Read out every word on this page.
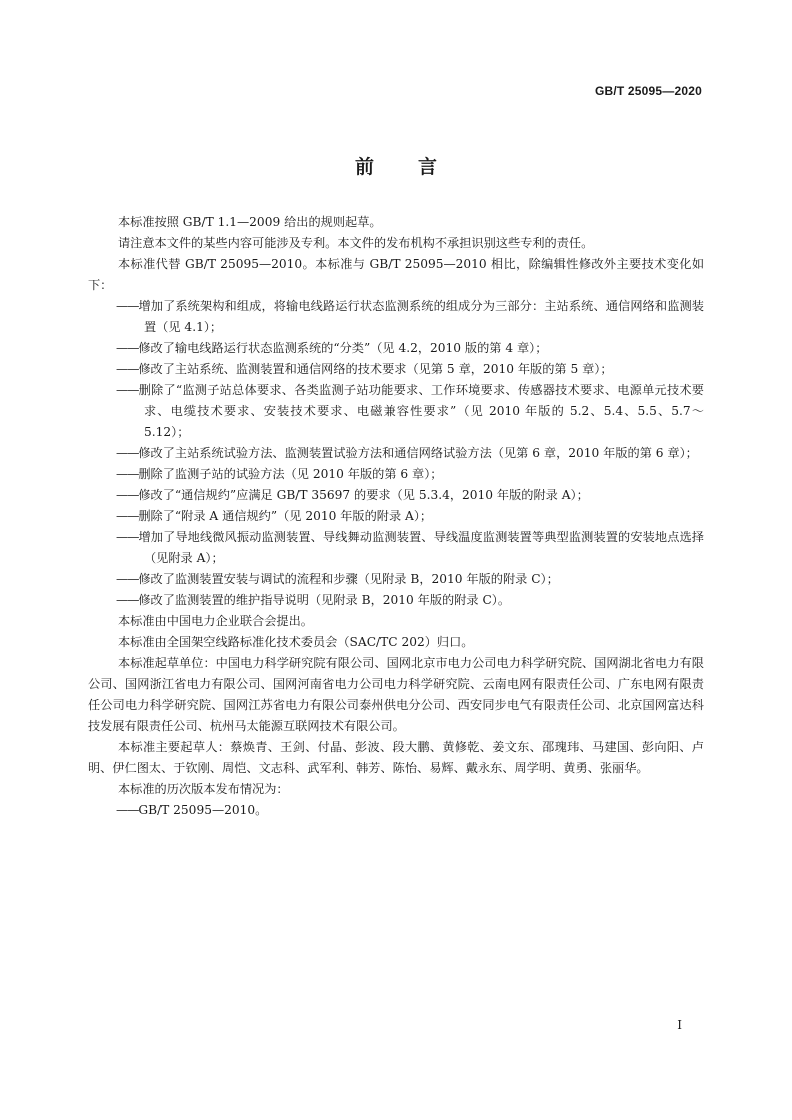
GB/T 25095—2020
前言

本标准按照 GB/T 1.1—2009 给出的规则起草。

请注意本文件的某些内容可能涉及专利。本文件的发布机构不承担识别这些专利的责任。

本标准代替 GB/T 25095—2010。本标准与 GB/T 25095—2010 相比，除编辑性修改外主要技术变化如下：

——增加了系统架构和组成，将输电线路运行状态监测系统的组成分为三部分：主站系统、通信网络和监测装置（见 4.1）；

——修改了输电线路运行状态监测系统的“分类”（见 4.2，2010 版的第 4 章）；

——修改了主站系统、监测装置和通信网络的技术要求（见第 5 章，2010 年版的第 5 章）；

——删除了“监测子站总体要求、各类监测子站功能要求、工作环境要求、传感器技术要求、电源单元技术要求、电缆技术要求、安装技术要求、电磁兼容性要求”（见 2010 年版的 5.2、5.4、5.5、5.7～5.12）；

——修改了主站系统试验方法、监测装置试验方法和通信网络试验方法（见第 6 章，2010 年版的第 6 章）；

——删除了监测子站的试验方法（见 2010 年版的第 6 章）；

——修改了“通信规约”应满足 GB/T 35697 的要求（见 5.3.4，2010 年版的附录 A）；

——删除了“附录 A 通信规约”（见 2010 年版的附录 A）；

——增加了导地线微风振动监测装置、导线舞动监测装置、导线温度监测装置等典型监测装置的安装地点选择（见附录 A）；

——修改了监测装置安装与调试的流程和步骤（见附录 B，2010 年版的附录 C）；

——修改了监测装置的维护指导说明（见附录 B，2010 年版的附录 C）。

本标准由中国电力企业联合会提出。

本标准由全国架空线路标准化技术委员会（SAC/TC 202）归口。

本标准起草单位：中国电力科学研究院有限公司、国网北京市电力公司电力科学研究院、国网湖北省电力有限公司、国网浙江省电力有限公司、国网河南省电力公司电力科学研究院、云南电网有限责任公司、广东电网有限责任公司电力科学研究院、国网江苏省电力有限公司泰州供电分公司、西安同步电气有限责任公司、北京国网富达科技发展有限责任公司、杭州马太能源互联网技术有限公司。

本标准主要起草人：蔡焕青、王剑、付晶、彭波、段大鹏、黄修乾、姜文东、邵瑰玮、马建国、彭向阳、卢明、伊仁图太、于钦刚、周恺、文志科、武军利、韩芳、陈怡、易辉、戴永东、周学明、黄勇、张丽华。

本标准的历次版本发布情况为：

——GB/T 25095—2010。

I
